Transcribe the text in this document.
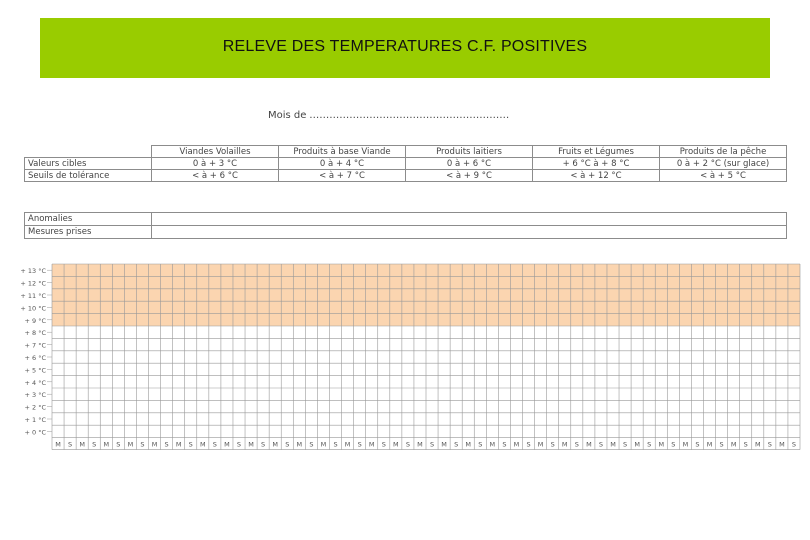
RELEVE DES TEMPERATURES C.F. POSITIVES
Mois de ……………………………………………………
	Viandes Volailles	Produits à base Viande	Produits laitiers	Fruits et Légumes	Produits de la pêche
Valeurs cibles	0 à + 3 °C	0 à + 4 °C	0 à + 6 °C	+ 6 °C à + 8 °C	0 à + 2 °C (sur glace)
Seuils de tolérance	< à + 6 °C	< à + 7 °C	< à + 9 °C	< à + 12 °C	< à + 5 °C
Anomalies	
Mesures prises	
+ 13 °C
+ 12 °C
+ 11 °C
+ 10 °C
+ 9 °C
+ 8 °C
+ 7 °C
+ 6 °C
+ 5 °C
+ 4 °C
+ 3 °C
+ 2 °C
+ 1 °C
+ 0 °C
M S M S M S M S M S M S M S M S M S M S M S M S M S M S M S M S M S M S M S M S M S M S M S M S M S M S M S M S M S M S M S
